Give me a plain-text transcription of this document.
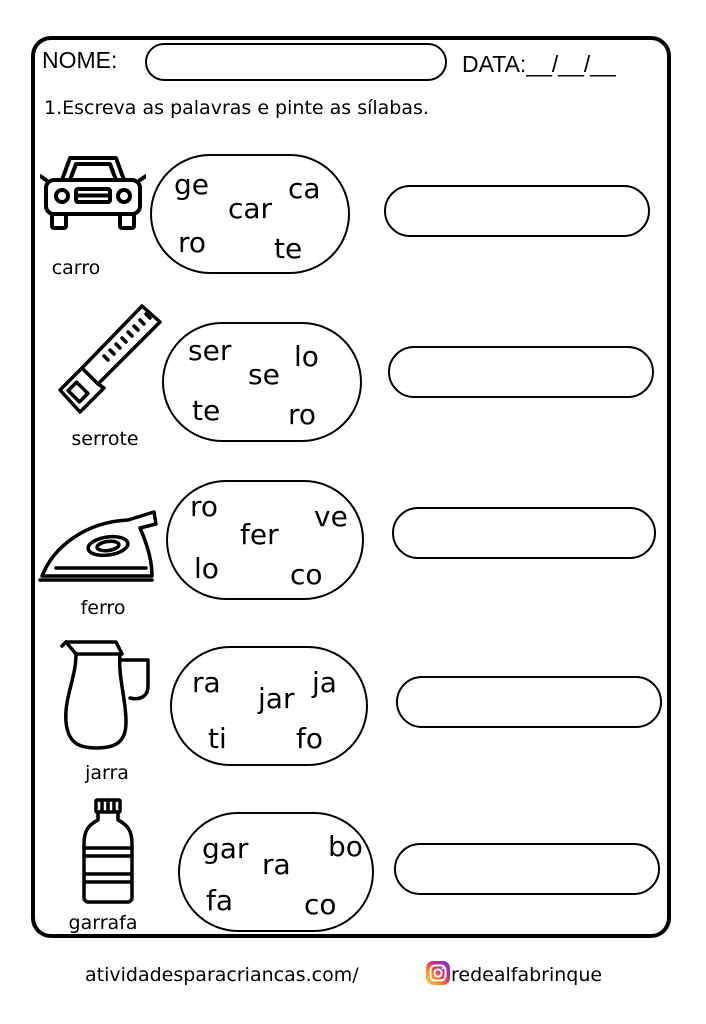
NOME:	DATA:__/__/__
1.Escreva as palavras e pinte as sílabas.
carro
ge
car
ca
ro te
serrote
ser
se
lo
te ro
ferro
ro
fer
ve
lo	co
jarra
ra jar ja
ti fo
garrafa
gar ra
bo
fa	co
atividadesparacriancas.com/	redealfabrinque
